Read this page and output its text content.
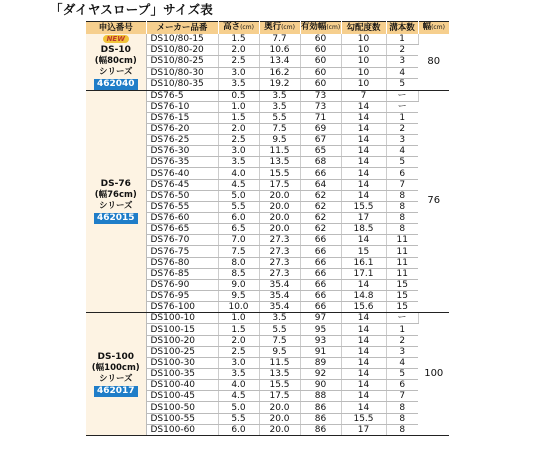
「ダイヤスロープ」サイズ表
申込番号	メーカー品番	高さ(cm)	奥行(cm)	有効幅(cm)	勾配度数	溝本数	幅(cm)
NEW

DS-10
(幅80cm)
シリーズ
462040	DS10/80-15	1.5	7.7	60	10	1	80
	DS10/80-20	2.0	10.6	60	10	2	
	DS10/80-25	2.5	13.4	60	10	3	
	DS10/80-30	3.0	16.2	60	10	4	
	DS10/80-35	3.5	19.2	60	10	5	

DS-76
(幅76cm)
シリーズ
462015	DS76-5	0.5	3.5	73	7	ー	76
	DS76-10	1.0	3.5	73	14	ー	
	DS76-15	1.5	5.5	71	14	1	
	DS76-20	2.0	7.5	69	14	2	
	DS76-25	2.5	9.5	67	14	3	
	DS76-30	3.0	11.5	65	14	4	
	DS76-35	3.5	13.5	68	14	5	
	DS76-40	4.0	15.5	66	14	6	
	DS76-45	4.5	17.5	64	14	7	
	DS76-50	5.0	20.0	62	14	8	
	DS76-55	5.5	20.0	62	15.5	8	
	DS76-60	6.0	20.0	62	17	8	
	DS76-65	6.5	20.0	62	18.5	8	
	DS76-70	7.0	27.3	66	14	11	
	DS76-75	7.5	27.3	66	15	11	
	DS76-80	8.0	27.3	66	16.1	11	
	DS76-85	8.5	27.3	66	17.1	11	
	DS76-90	9.0	35.4	66	14	15	
	DS76-95	9.5	35.4	66	14.8	15	
	DS76-100	10.0	35.4	66	15.6	15	

DS-100
(幅100cm)
シリーズ
462017	DS100-10	1.0	3.5	97	14	ー	100
	DS100-15	1.5	5.5	95	14	1	
	DS100-20	2.0	7.5	93	14	2	
	DS100-25	2.5	9.5	91	14	3	
	DS100-30	3.0	11.5	89	14	4	
	DS100-35	3.5	13.5	92	14	5	
	DS100-40	4.0	15.5	90	14	6	
	DS100-45	4.5	17.5	88	14	7	
	DS100-50	5.0	20.0	86	14	8	
	DS100-55	5.5	20.0	86	15.5	8	
	DS100-60	6.0	20.0	86	17	8	
